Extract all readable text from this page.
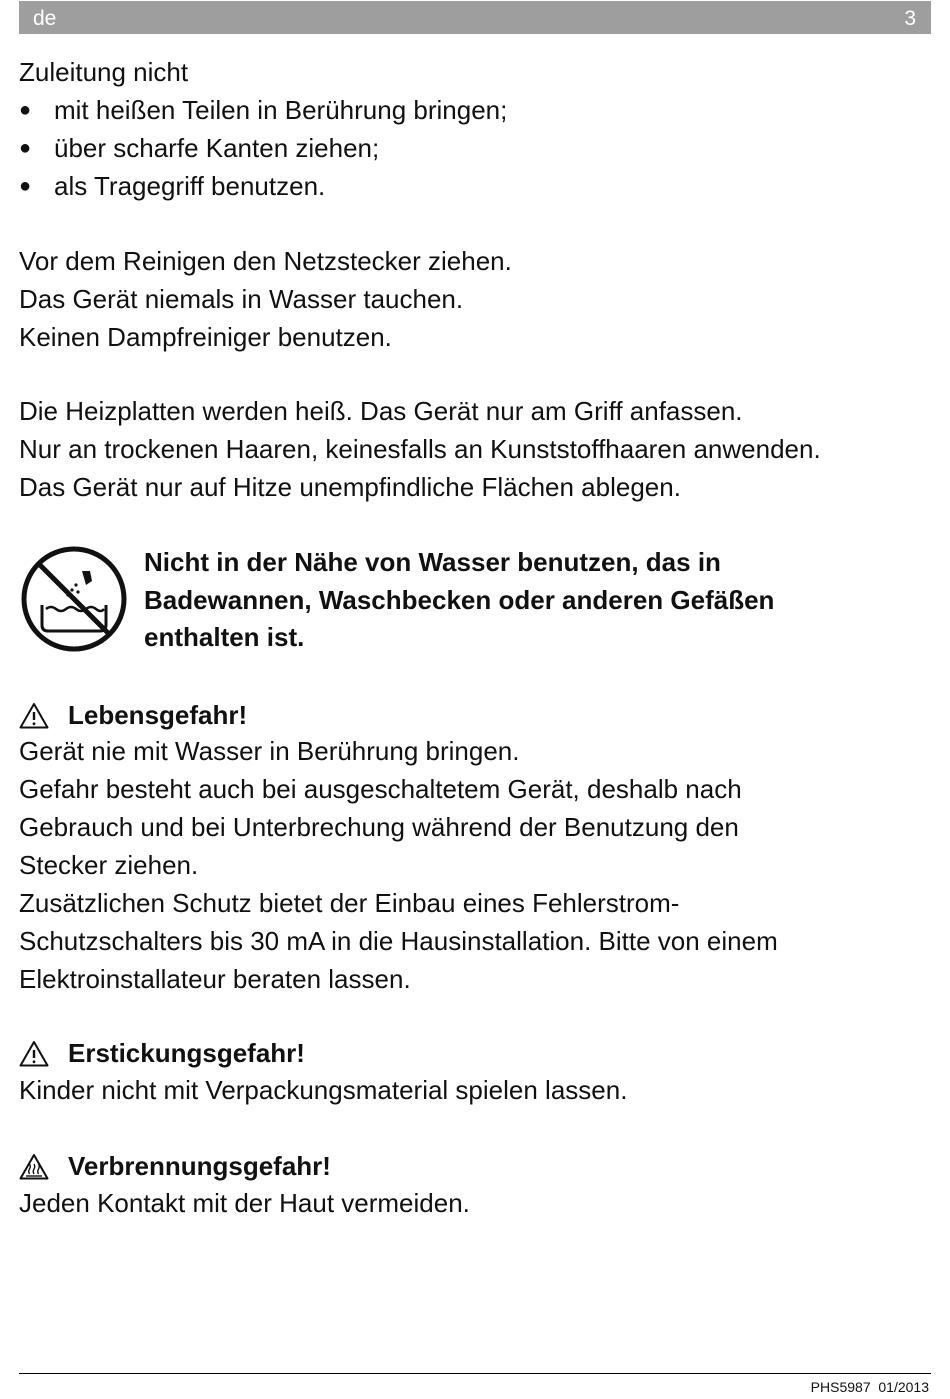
de	3
Zuleitung nicht
● mit heißen Teilen in Berührung bringen;
● über scharfe Kanten ziehen;
● als Tragegriff benutzen.
Vor dem Reinigen den Netzstecker ziehen.
Das Gerät niemals in Wasser tauchen.
Keinen Dampfreiniger benutzen.
Die Heizplatten werden heiß. Das Gerät nur am Griff anfassen.
Nur an trockenen Haaren, keinesfalls an Kunststoffhaaren anwenden.
Das Gerät nur auf Hitze unempfindliche Flächen ablegen.
Nicht in der Nähe von Wasser benutzen, das in
Badewannen, Waschbecken oder anderen Gefäßen
enthalten ist.
Lebensgefahr!
Gerät nie mit Wasser in Berührung bringen.
Gefahr besteht auch bei ausgeschaltetem Gerät, deshalb nach
Gebrauch und bei Unterbrechung während der Benutzung den
Stecker ziehen.
Zusätzlichen Schutz bietet der Einbau eines Fehlerstrom-
Schutzschalters bis 30 mA in die Hausinstallation. Bitte von einem
Elektroinstallateur beraten lassen.
Erstickungsgefahr!
Kinder nicht mit Verpackungsmaterial spielen lassen.
Verbrennungsgefahr!
Jeden Kontakt mit der Haut vermeiden.
PHS5987 01/2013
